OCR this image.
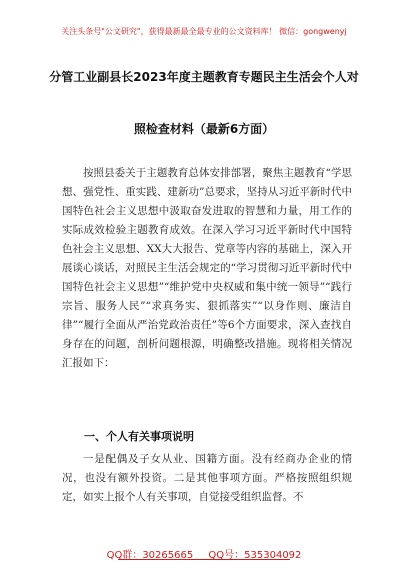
关注头条号"公文研究"，获得最新最全最专业的公文资料库！ 微信：gongwenyj
分管工业副县长2023年度主题教育专题民主生活会个人对
照检查材料（最新6方面）

按照县委关于主题教育总体安排部署，聚焦主题教育“学思想、强党性、重实践、建新功”总要求，坚持从习近平新时代中国特色社会主义思想中汲取奋发进取的智慧和力量，用工作的实际成效检验主题教育成效。在深入学习习近平新时代中国特色社会主义思想、XX大大报告、党章等内容的基础上，深入开展谈心谈话，对照民主生活会规定的“学习贯彻习近平新时代中国特色社会主义思想”“维护党中央权威和集中统一领导”“践行宗旨、服务人民”“求真务实、狠抓落实”“以身作则、廉洁自律”“履行全面从严治党政治责任”等6个方面要求，深入查找自身存在的问题，剖析问题根源，明确整改措施。现将相关情况汇报如下：

一、个人有关事项说明

一是配偶及子女从业、国籍方面。没有经商办企业的情况，也没有额外投资。二是其他事项方面。严格按照组织规定，如实上报个人有关事项，自觉接受组织监督。不

QQ群：30265665 QQ号：535304092
